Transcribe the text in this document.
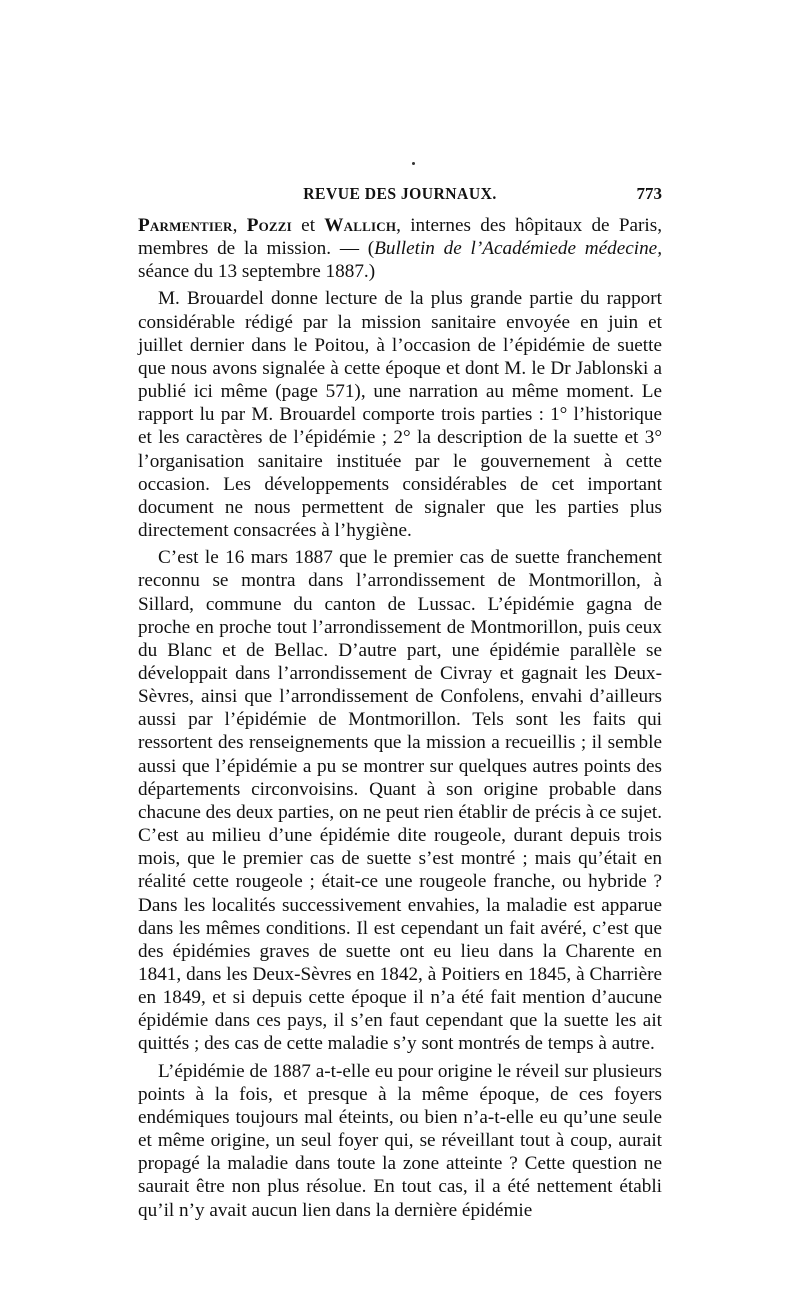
REVUE DES JOURNAUX.	773

Parmentier, Pozzi et Wallich, internes des hôpitaux de Paris, membres de la mission. — (Bulletin de l’Académiede médecine, séance du 13 septembre 1887.)

M. Brouardel donne lecture de la plus grande partie du rapport considérable rédigé par la mission sanitaire envoyée en juin et juillet dernier dans le Poitou, à l’occasion de l’épidémie de suette que nous avons signalée à cette époque et dont M. le Dr Jablonski a publié ici même (page 571), une narration au même moment. Le rapport lu par M. Brouardel comporte trois parties : 1° l’historique et les caractères de l’épidémie ; 2° la description de la suette et 3° l’organisation sanitaire instituée par le gouvernement à cette occasion. Les développements considérables de cet important document ne nous permettent de signaler que les parties plus directement consacrées à l’hygiène.

C’est le 16 mars 1887 que le premier cas de suette franchement reconnu se montra dans l’arrondissement de Montmorillon, à Sillard, commune du canton de Lussac. L’épidémie gagna de proche en proche tout l’arrondissement de Montmorillon, puis ceux du Blanc et de Bellac. D’autre part, une épidémie parallèle se développait dans l’arrondissement de Civray et gagnait les Deux-Sèvres, ainsi que l’arrondissement de Confolens, envahi d’ailleurs aussi par l’épidémie de Montmorillon. Tels sont les faits qui ressortent des renseignements que la mission a recueillis ; il semble aussi que l’épidémie a pu se montrer sur quelques autres points des départements circonvoisins. Quant à son origine probable dans chacune des deux parties, on ne peut rien établir de précis à ce sujet. C’est au milieu d’une épidémie dite rougeole, durant depuis trois mois, que le premier cas de suette s’est montré ; mais qu’était en réalité cette rougeole ; était-ce une rougeole franche, ou hybride ? Dans les localités successivement envahies, la maladie est apparue dans les mêmes conditions. Il est cependant un fait avéré, c’est que des épidémies graves de suette ont eu lieu dans la Charente en 1841, dans les Deux-Sèvres en 1842, à Poitiers en 1845, à Charrière en 1849, et si depuis cette époque il n’a été fait mention d’aucune épidémie dans ces pays, il s’en faut cependant que la suette les ait quittés ; des cas de cette maladie s’y sont montrés de temps à autre.

L’épidémie de 1887 a-t-elle eu pour origine le réveil sur plusieurs points à la fois, et presque à la même époque, de ces foyers endémiques toujours mal éteints, ou bien n’a-t-elle eu qu’une seule et même origine, un seul foyer qui, se réveillant tout à coup, aurait propagé la maladie dans toute la zone atteinte ? Cette question ne saurait être non plus résolue. En tout cas, il a été nettement établi qu’il n’y avait aucun lien dans la dernière épidémie
